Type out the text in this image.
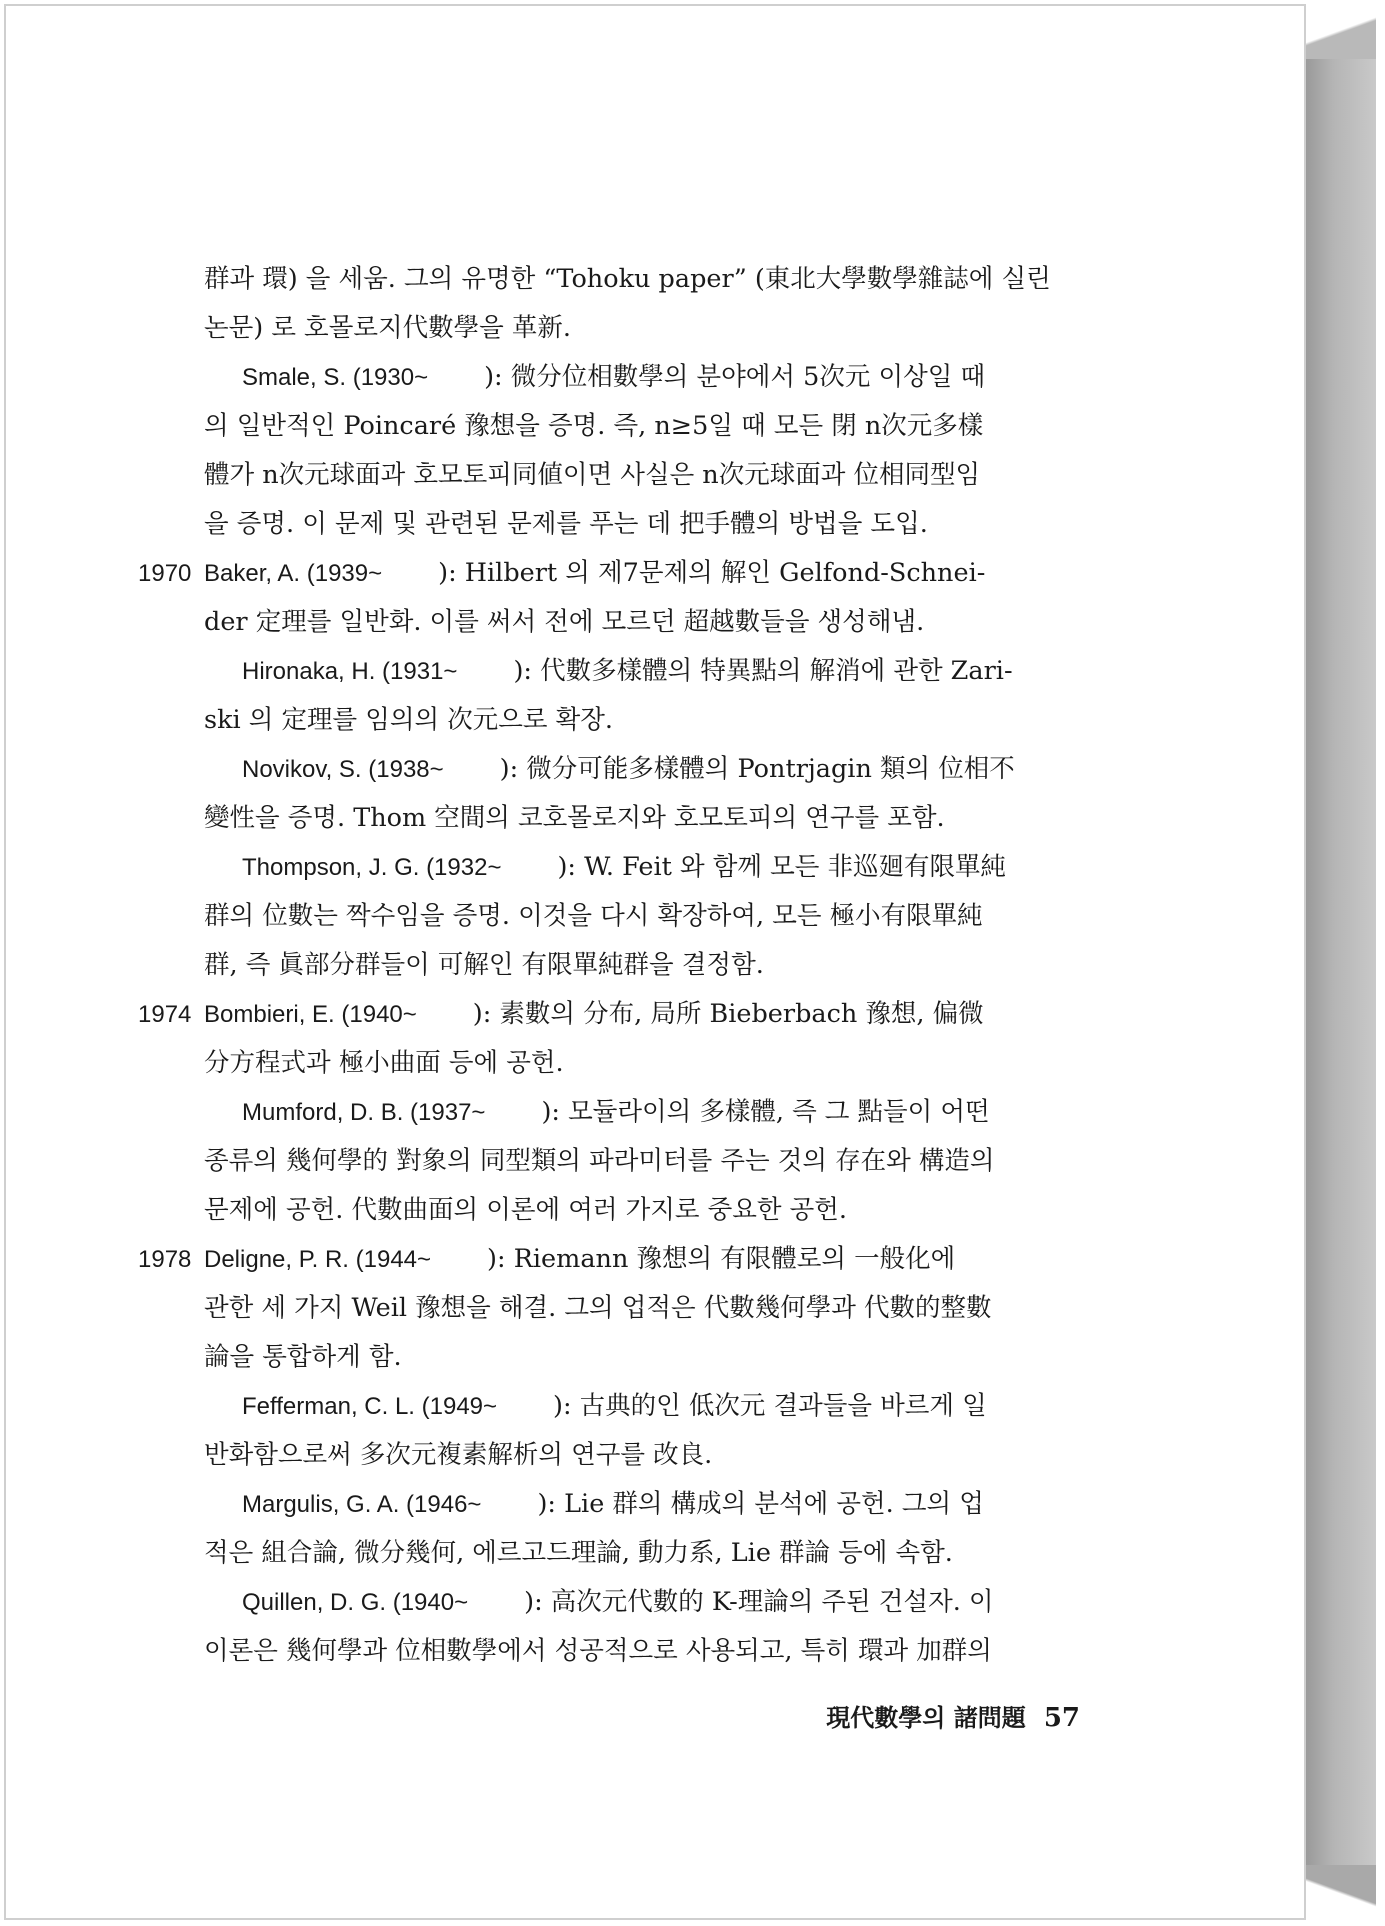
群과 環) 을 세움. 그의 유명한 “Tohoku paper” (東北大學數學雜誌에 실린
논문) 로 호몰로지代數學을 革新.
Smale, S. (1930~ ): 微分位相數學의 분야에서 5次元 이상일 때
의 일반적인 Poincaré 豫想을 증명. 즉, n≥5일 때 모든 閉 n次元多樣
體가 n次元球面과 호모토피同値이면 사실은 n次元球面과 位相同型임
을 증명. 이 문제 및 관련된 문제를 푸는 데 把手體의 방법을 도입.
1970 Baker, A. (1939~ ): Hilbert 의 제7문제의 解인 Gelfond-Schnei-
der 定理를 일반화. 이를 써서 전에 모르던 超越數들을 생성해냄.
Hironaka, H. (1931~ ): 代數多樣體의 特異點의 解消에 관한 Zari-
ski 의 定理를 임의의 次元으로 확장.
Novikov, S. (1938~ ): 微分可能多樣體의 Pontrjagin 類의 位相不
變性을 증명. Thom 空間의 코호몰로지와 호모토피의 연구를 포함.
Thompson, J. G. (1932~ ): W. Feit 와 함께 모든 非巡廻有限單純
群의 位數는 짝수임을 증명. 이것을 다시 확장하여, 모든 極小有限單純
群, 즉 眞部分群들이 可解인 有限單純群을 결정함.
1974 Bombieri, E. (1940~ ): 素數의 分布, 局所 Bieberbach 豫想, 偏微
分方程式과 極小曲面 등에 공헌.
Mumford, D. B. (1937~ ): 모듈라이의 多樣體, 즉 그 點들이 어떤
종류의 幾何學的 對象의 同型類의 파라미터를 주는 것의 存在와 構造의
문제에 공헌. 代數曲面의 이론에 여러 가지로 중요한 공헌.
1978 Deligne, P. R. (1944~ ): Riemann 豫想의 有限體로의 一般化에
관한 세 가지 Weil 豫想을 해결. 그의 업적은 代數幾何學과 代數的整數
論을 통합하게 함.
Fefferman, C. L. (1949~ ): 古典的인 低次元 결과들을 바르게 일
반화함으로써 多次元複素解析의 연구를 改良.
Margulis, G. A. (1946~ ): Lie 群의 構成의 분석에 공헌. 그의 업
적은 組合論, 微分幾何, 에르고드理論, 動力系, Lie 群論 등에 속함.
Quillen, D. G. (1940~ ): 高次元代數的 K-理論의 주된 건설자. 이
이론은 幾何學과 位相數學에서 성공적으로 사용되고, 특히 環과 加群의
現代數學의 諸問題 57
